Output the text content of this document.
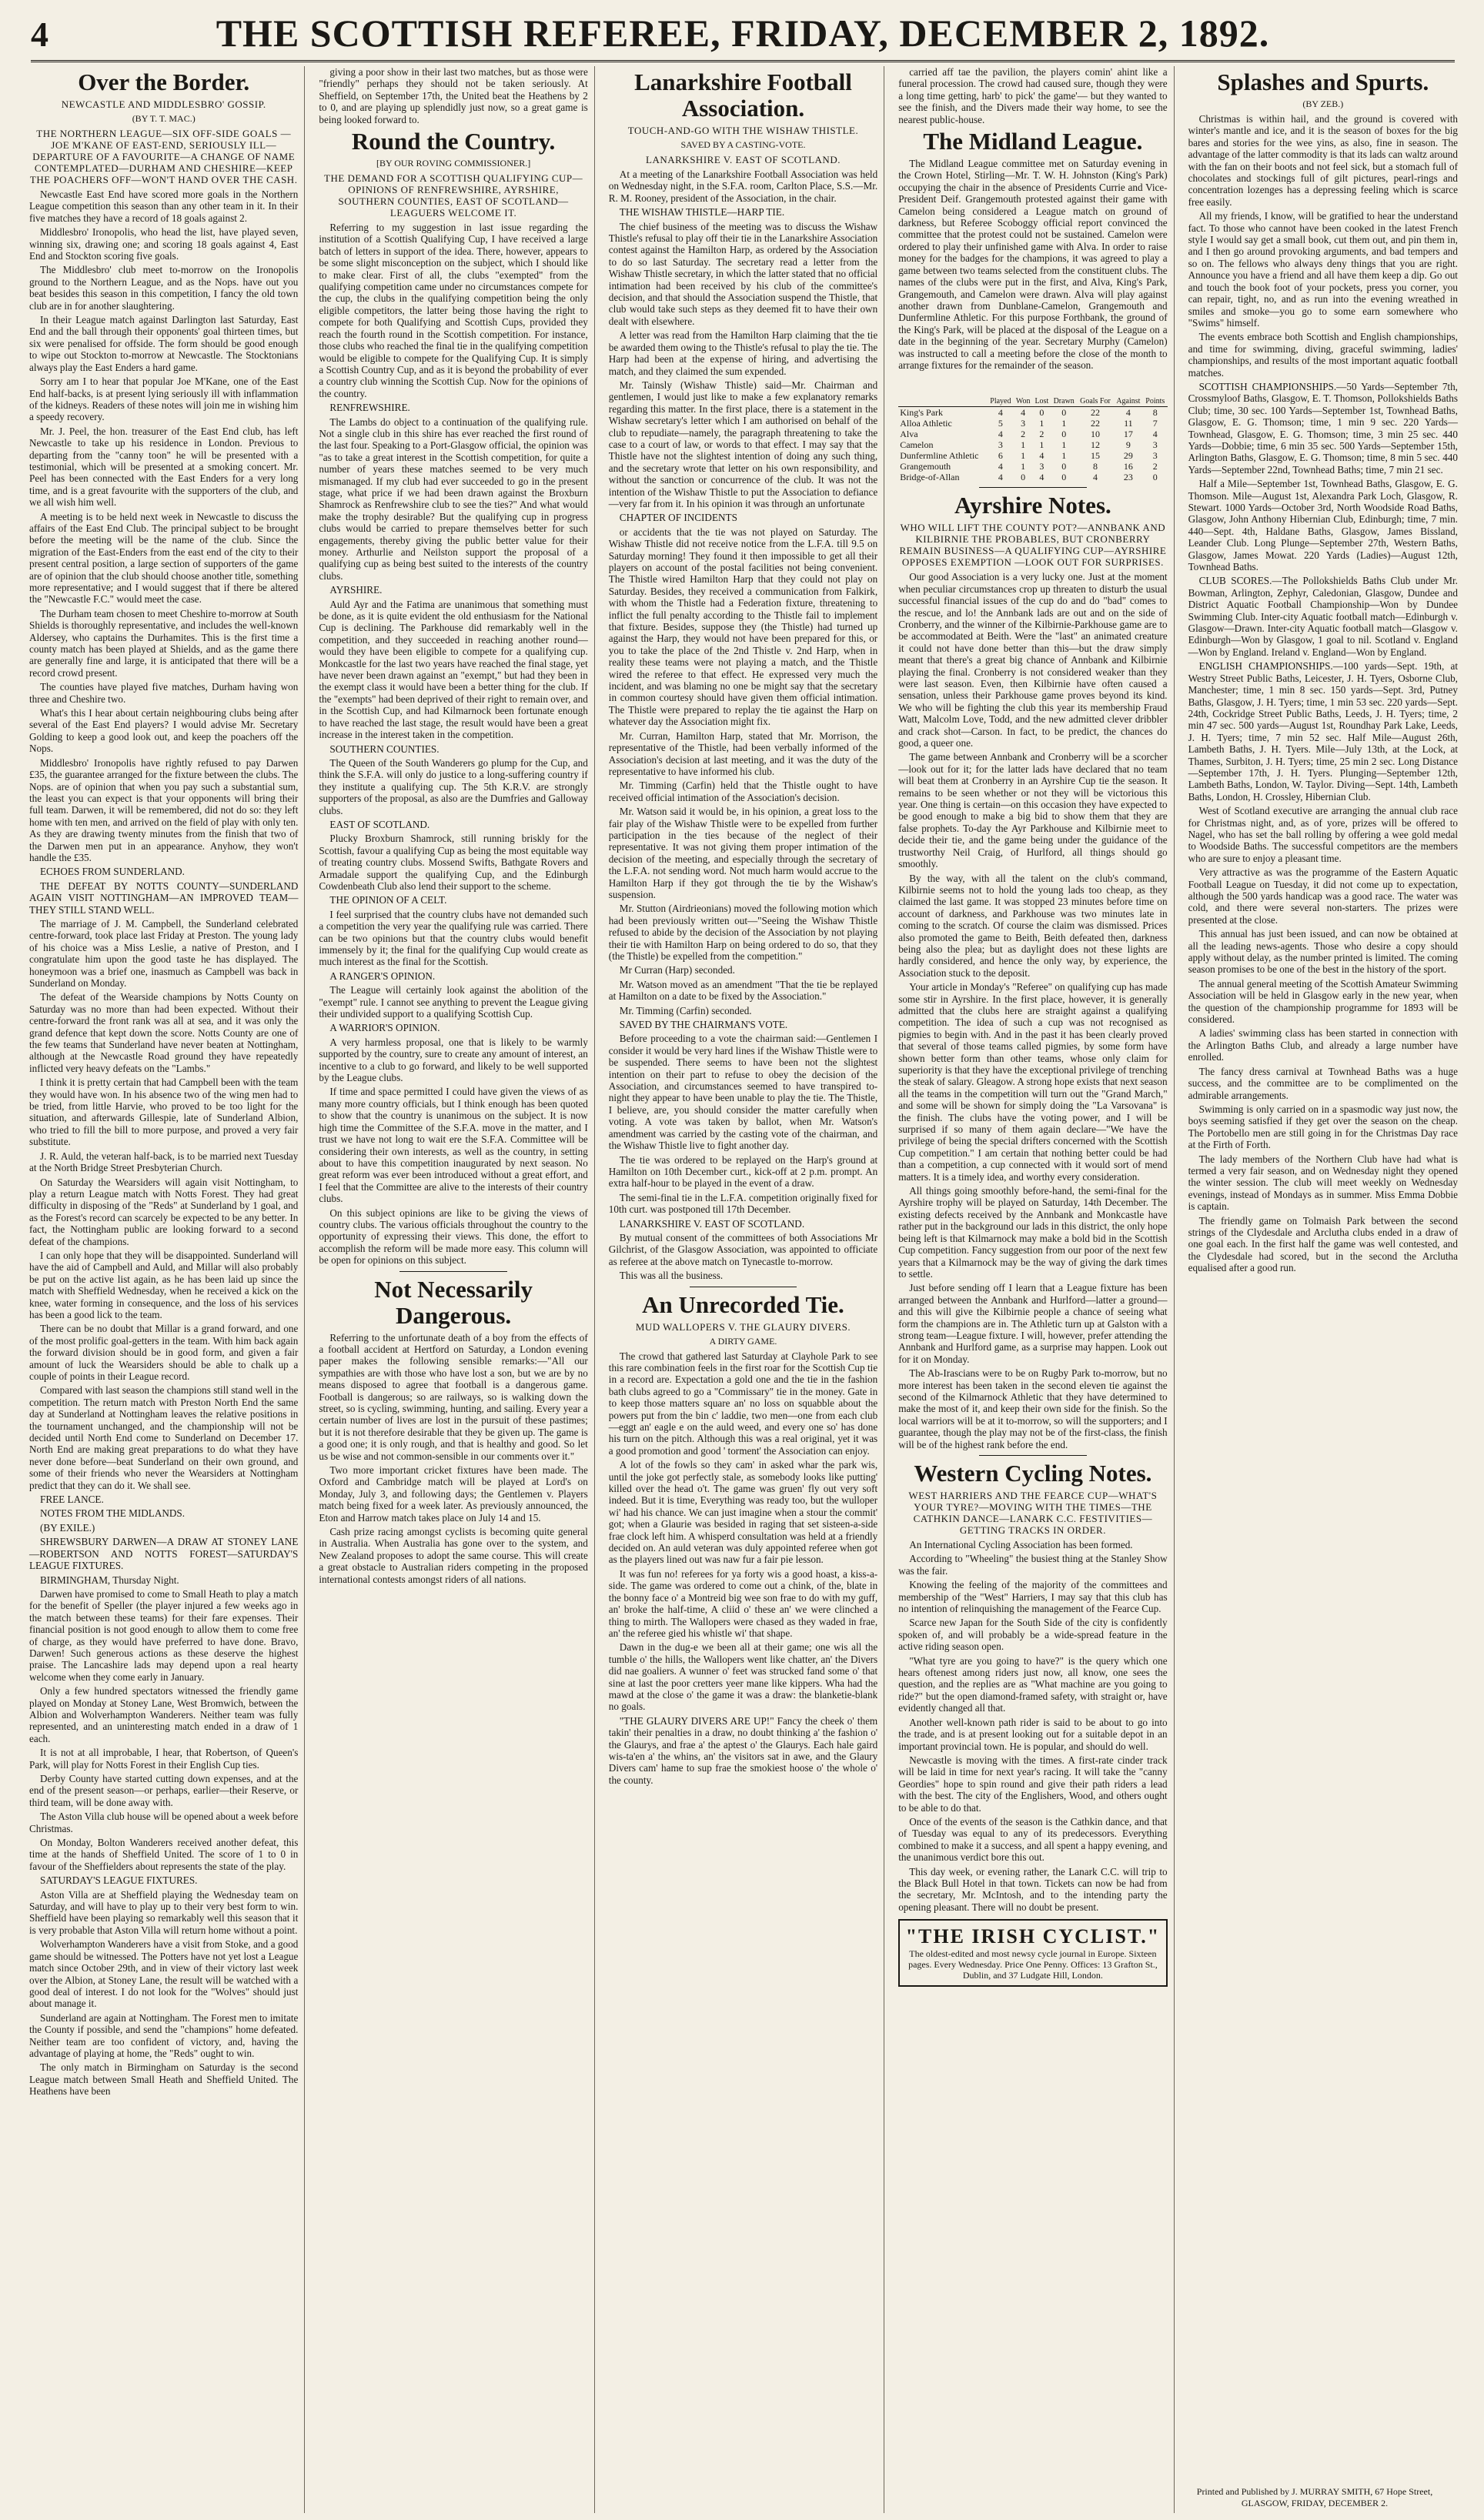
4	THE SCOTTISH REFEREE, FRIDAY, DECEMBER 2, 1892.
Over the Border.
NEWCASTLE AND MIDDLESBRO' GOSSIP.
(BY T. T. MAC.)
THE NORTHERN LEAGUE—SIX OFF-SIDE GOALS —JOE M'KANE OF EAST-END, SERIOUSLY ILL—DEPARTURE OF A FAVOURITE—A CHANGE OF NAME CONTEMPLATED—DURHAM AND CHESHIRE—KEEP THE POACHERS OFF—WON'T HAND OVER THE CASH.

Newcastle East End have scored more goals in the Northern League competition this season than any other team in it. In their five matches they have a record of 18 goals against 2.

Middlesbro' Ironopolis, who head the list, have played seven, winning six, drawing one; and scoring 18 goals against 4, East End and Stockton scoring five goals.

The Middlesbro' club meet to-morrow on the Ironopolis ground to the Northern League, and as the Nops. have out you beat besides this season in this competition, I fancy the old town club are in for another slaughtering.

In their League match against Darlington last Saturday, East End and the ball through their opponents' goal thirteen times, but six were penalised for offside. The form should be good enough to wipe out Stockton to-morrow at Newcastle. The Stocktonians always play the East Enders a hard game.

Sorry am I to hear that popular Joe M'Kane, one of the East End half-backs, is at present lying seriously ill with inflammation of the kidneys. Readers of these notes will join me in wishing him a speedy recovery.

Mr. J. Peel, the hon. treasurer of the East End club, has left Newcastle to take up his residence in London. Previous to departing from the "canny toon" he will be presented with a testimonial, which will be presented at a smoking concert. Mr. Peel has been connected with the East Enders for a very long time, and is a great favourite with the supporters of the club, and we all wish him well.

A meeting is to be held next week in Newcastle to discuss the affairs of the East End Club. The principal subject to be brought before the meeting will be the name of the club. Since the migration of the East-Enders from the east end of the city to their present central position, a large section of supporters of the game are of opinion that the club should choose another title, something more representative; and I would suggest that if there be altered the "Newcastle F.C." would meet the case.

The Durham team chosen to meet Cheshire to-morrow at South Shields is thoroughly representative, and includes the well-known Aldersey, who captains the Durhamites. This is the first time a county match has been played at Shields, and as the game there are generally fine and large, it is anticipated that there will be a record crowd present.

The counties have played five matches, Durham having won three and Cheshire two.

What's this I hear about certain neighbouring clubs being after several of the East End players? I would advise Mr. Secretary Golding to keep a good look out, and keep the poachers off the Nops.

Middlesbro' Ironopolis have rightly refused to pay Darwen £35, the guarantee arranged for the fixture between the clubs. The Nops. are of opinion that when you pay such a substantial sum, the least you can expect is that your opponents will bring their full team. Darwen, it will be remembered, did not do so: they left home with ten men, and arrived on the field of play with only ten. As they are drawing twenty minutes from the finish that two of the Darwen men put in an appearance. Anyhow, they won't handle the £35.

ECHOES FROM SUNDERLAND.

THE DEFEAT BY NOTTS COUNTY—SUNDERLAND AGAIN VISIT NOTTINGHAM—AN IMPROVED TEAM—THEY STILL STAND WELL.

The marriage of J. M. Campbell, the Sunderland celebrated centre-forward, took place last Friday at Preston. The young lady of his choice was a Miss Leslie, a native of Preston, and I congratulate him upon the good taste he has displayed. The honeymoon was a brief one, inasmuch as Campbell was back in Sunderland on Monday.

The defeat of the Wearside champions by Notts County on Saturday was no more than had been expected. Without their centre-forward the front rank was all at sea, and it was only the grand defence that kept down the score. Notts County are one of the few teams that Sunderland have never beaten at Nottingham, although at the Newcastle Road ground they have repeatedly inflicted very heavy defeats on the "Lambs."

I think it is pretty certain that had Campbell been with the team they would have won. In his absence two of the wing men had to be tried, from little Harvie, who proved to be too light for the situation, and afterwards Gillespie, late of Sunderland Albion, who tried to fill the bill to more purpose, and proved a very fair substitute.

J. R. Auld, the veteran half-back, is to be married next Tuesday at the North Bridge Street Presbyterian Church.

On Saturday the Wearsiders will again visit Nottingham, to play a return League match with Notts Forest. They had great difficulty in disposing of the "Reds" at Sunderland by 1 goal, and as the Forest's record can scarcely be expected to be any better. In fact, the Nottingham public are looking forward to a second defeat of the champions.

I can only hope that they will be disappointed. Sunderland will have the aid of Campbell and Auld, and Millar will also probably be put on the active list again, as he has been laid up since the match with Sheffield Wednesday, when he received a kick on the knee, water forming in consequence, and the loss of his services has been a good lick to the team.

There can be no doubt that Millar is a grand forward, and one of the most prolific goal-getters in the team. With him back again the forward division should be in good form, and given a fair amount of luck the Wearsiders should be able to chalk up a couple of points in their League record.

Compared with last season the champions still stand well in the competition. The return match with Preston North End the same day at Sunderland at Nottingham leaves the relative positions in the tournament unchanged, and the championship will not be decided until North End come to Sunderland on December 17. North End are making great preparations to do what they have never done before—beat Sunderland on their own ground, and some of their friends who never the Wearsiders at Nottingham predict that they can do it. We shall see.

FREE LANCE.

NOTES FROM THE MIDLANDS.

(BY EXILE.)

SHREWSBURY DARWEN—A DRAW AT STONEY LANE—ROBERTSON AND NOTTS FOREST—SATURDAY'S LEAGUE FIXTURES.

BIRMINGHAM, Thursday Night.

Darwen have promised to come to Small Heath to play a match for the benefit of Speller (the player injured a few weeks ago in the match between these teams) for their fare expenses. Their financial position is not good enough to allow them to come free of charge, as they would have preferred to have done. Bravo, Darwen! Such generous actions as these deserve the highest praise. The Lancashire lads may depend upon a real hearty welcome when they come early in January.

Only a few hundred spectators witnessed the friendly game played on Monday at Stoney Lane, West Bromwich, between the Albion and Wolverhampton Wanderers. Neither team was fully represented, and an uninteresting match ended in a draw of 1 each.

It is not at all improbable, I hear, that Robertson, of Queen's Park, will play for Notts Forest in their English Cup ties.

Derby County have started cutting down expenses, and at the end of the present season—or perhaps, earlier—their Reserve, or third team, will be done away with.

The Aston Villa club house will be opened about a week before Christmas.

On Monday, Bolton Wanderers received another defeat, this time at the hands of Sheffield United. The score of 1 to 0 in favour of the Sheffielders about represents the state of the play.

SATURDAY'S LEAGUE FIXTURES.

Aston Villa are at Sheffield playing the Wednesday team on Saturday, and will have to play up to their very best form to win. Sheffield have been playing so remarkably well this season that it is very probable that Aston Villa will return home without a point.

Wolverhampton Wanderers have a visit from Stoke, and a good game should be witnessed. The Potters have not yet lost a League match since October 29th, and in view of their victory last week over the Albion, at Stoney Lane, the result will be watched with a good deal of interest. I do not look for the "Wolves" should just about manage it.

Sunderland are again at Nottingham. The Forest men to imitate the County if possible, and send the "champions" home defeated. Neither team are too confident of victory, and, having the advantage of playing at home, the "Reds" ought to win.

The only match in Birmingham on Saturday is the second League match between Small Heath and Sheffield United. The Heathens have been

giving a poor show in their last two matches, but as those were "friendly" perhaps they should not be taken seriously. At Sheffield, on September 17th, the United beat the Heathens by 2 to 0, and are playing up splendidly just now, so a great game is being looked forward to.

Round the Country.
[BY OUR ROVING COMMISSIONER.]
THE DEMAND FOR A SCOTTISH QUALIFYING CUP—OPINIONS OF RENFREWSHIRE, AYRSHIRE, SOUTHERN COUNTIES, EAST OF SCOTLAND—LEAGUERS WELCOME IT.

Referring to my suggestion in last issue regarding the institution of a Scottish Qualifying Cup, I have received a large batch of letters in support of the idea. There, however, appears to be some slight misconception on the subject, which I should like to make clear. First of all, the clubs "exempted" from the qualifying competition came under no circumstances compete for the cup, the clubs in the qualifying competition being the only eligible competitors, the latter being those having the right to compete for both Qualifying and Scottish Cups, provided they reach the fourth round in the Scottish competition. For instance, those clubs who reached the final tie in the qualifying competition would be eligible to compete for the Qualifying Cup. It is simply a Scottish Country Cup, and as it is beyond the probability of ever a country club winning the Scottish Cup. Now for the opinions of the country.

RENFREWSHIRE.

The Lambs do object to a continuation of the qualifying rule. Not a single club in this shire has ever reached the first round of the last four. Speaking to a Port-Glasgow official, the opinion was "as to take a great interest in the Scottish competition, for quite a number of years these matches seemed to be very much mismanaged. If my club had ever succeeded to go in the present stage, what price if we had been drawn against the Broxburn Shamrock as Renfrewshire club to see the ties?" And what would make the trophy desirable? But the qualifying cup in progress clubs would be carried to prepare themselves better for such engagements, thereby giving the public better value for their money. Arthurlie and Neilston support the proposal of a qualifying cup as being best suited to the interests of the country clubs.

AYRSHIRE.

Auld Ayr and the Fatima are unanimous that something must be done, as it is quite evident the old enthusiasm for the National Cup is declining. The Parkhouse did remarkably well in the competition, and they succeeded in reaching another round—would they have been eligible to compete for a qualifying cup. Monkcastle for the last two years have reached the final stage, yet have never been drawn against an "exempt," but had they been in the exempt class it would have been a better thing for the club. If the "exempts" had been deprived of their right to remain over, and in the Scottish Cup, and had Kilmarnock been fortunate enough to have reached the last stage, the result would have been a great increase in the interest taken in the competition.

SOUTHERN COUNTIES.

The Queen of the South Wanderers go plump for the Cup, and think the S.F.A. will only do justice to a long-suffering country if they institute a qualifying cup. The 5th K.R.V. are strongly supporters of the proposal, as also are the Dumfries and Galloway clubs.

EAST OF SCOTLAND.

Plucky Broxburn Shamrock, still running briskly for the Scottish, favour a qualifying Cup as being the most equitable way of treating country clubs. Mossend Swifts, Bathgate Rovers and Armadale support the qualifying Cup, and the Edinburgh Cowdenbeath Club also lend their support to the scheme.

THE OPINION OF A CELT.

I feel surprised that the country clubs have not demanded such a competition the very year the qualifying rule was carried. There can be two opinions but that the country clubs would benefit immensely by it; the final for the qualifying Cup would create as much interest as the final for the Scottish.

A RANGER'S OPINION.

The League will certainly look against the abolition of the "exempt" rule. I cannot see anything to prevent the League giving their undivided support to a qualifying Scottish Cup.

A WARRIOR'S OPINION.

A very harmless proposal, one that is likely to be warmly supported by the country, sure to create any amount of interest, an incentive to a club to go forward, and likely to be well supported by the League clubs.

If time and space permitted I could have given the views of as many more country officials, but I think enough has been quoted to show that the country is unanimous on the subject. It is now high time the Committee of the S.F.A. move in the matter, and I trust we have not long to wait ere the S.F.A. Committee will be considering their own interests, as well as the country, in setting about to have this competition inaugurated by next season. No great reform was ever been introduced without a great effort, and I feel that the Committee are alive to the interests of their country clubs.

On this subject opinions are like to be giving the views of country clubs. The various officials throughout the country to the opportunity of expressing their views. This done, the effort to accomplish the reform will be made more easy. This column will be open for opinions on this subject.

Not Necessarily Dangerous.

Referring to the unfortunate death of a boy from the effects of a football accident at Hertford on Saturday, a London evening paper makes the following sensible remarks:—"All our sympathies are with those who have lost a son, but we are by no means disposed to agree that football is a dangerous game. Football is dangerous; so are railways, so is walking down the street, so is cycling, swimming, hunting, and sailing. Every year a certain number of lives are lost in the pursuit of these pastimes; but it is not therefore desirable that they be given up. The game is a good one; it is only rough, and that is healthy and good. So let us be wise and not common-sensible in our comments over it."

Two more important cricket fixtures have been made. The Oxford and Cambridge match will be played at Lord's on Monday, July 3, and following days; the Gentlemen v. Players match being fixed for a week later. As previously announced, the Eton and Harrow match takes place on July 14 and 15.

Cash prize racing amongst cyclists is becoming quite general in Australia. When Australia has gone over to the system, and New Zealand proposes to adopt the same course. This will create a great obstacle to Australian riders competing in the proposed international contests amongst riders of all nations.

Lanarkshire Football Association.
TOUCH-AND-GO WITH THE WISHAW THISTLE.
SAVED BY A CASTING-VOTE.
LANARKSHIRE V. EAST OF SCOTLAND.

At a meeting of the Lanarkshire Football Association was held on Wednesday night, in the S.F.A. room, Carlton Place, S.S.—Mr. R. M. Rooney, president of the Association, in the chair.

THE WISHAW THISTLE—HARP TIE.

The chief business of the meeting was to discuss the Wishaw Thistle's refusal to play off their tie in the Lanarkshire Association contest against the Hamilton Harp, as ordered by the Association to do so last Saturday. The secretary read a letter from the Wishaw Thistle secretary, in which the latter stated that no official intimation had been received by his club of the committee's decision, and that should the Association suspend the Thistle, that club would take such steps as they deemed fit to have their own dealt with elsewhere.

A letter was read from the Hamilton Harp claiming that the tie be awarded them owing to the Thistle's refusal to play the tie. The Harp had been at the expense of hiring, and advertising the match, and they claimed the sum expended.

Mr. Tainsly (Wishaw Thistle) said—Mr. Chairman and gentlemen, I would just like to make a few explanatory remarks regarding this matter. In the first place, there is a statement in the Wishaw secretary's letter which I am authorised on behalf of the club to repudiate—namely, the paragraph threatening to take the case to a court of law, or words to that effect. I may say that the Thistle have not the slightest intention of doing any such thing, and the secretary wrote that letter on his own responsibility, and without the sanction or concurrence of the club. It was not the intention of the Wishaw Thistle to put the Association to defiance—very far from it. In his opinion it was through an unfortunate

CHAPTER OF INCIDENTS

or accidents that the tie was not played on Saturday. The Wishaw Thistle did not receive notice from the L.F.A. till 9.5 on Saturday morning! They found it then impossible to get all their players on account of the postal facilities not being convenient. The Thistle wired Hamilton Harp that they could not play on Saturday. Besides, they received a communication from Falkirk, with whom the Thistle had a Federation fixture, threatening to inflict the full penalty according to the Thistle fail to implement that fixture. Besides, suppose they (the Thistle) had turned up against the Harp, they would not have been prepared for this, or you to take the place of the 2nd Thistle v. 2nd Harp, when in reality these teams were not playing a match, and the Thistle wired the referee to that effect. He expressed very much the incident, and was blaming no one be might say that the secretary in common courtesy should have given them official intimation. The Thistle were prepared to replay the tie against the Harp on whatever day the Association might fix.

Mr. Curran, Hamilton Harp, stated that Mr. Morrison, the representative of the Thistle, had been verbally informed of the Association's decision at last meeting, and it was the duty of the representative to have informed his club.

Mr. Timming (Carfin) held that the Thistle ought to have received official intimation of the Association's decision.

Mr. Watson said it would be, in his opinion, a great loss to the fair play of the Wishaw Thistle were to be expelled from further participation in the ties because of the neglect of their representative. It was not giving them proper intimation of the decision of the meeting, and especially through the secretary of the L.F.A. not sending word. Not much harm would accrue to the Hamilton Harp if they got through the tie by the Wishaw's suspension.

Mr. Stutton (Airdrieonians) moved the following motion which had been previously written out—"Seeing the Wishaw Thistle refused to abide by the decision of the Association by not playing their tie with Hamilton Harp on being ordered to do so, that they (the Thistle) be expelled from the competition."

Mr Curran (Harp) seconded.

Mr. Watson moved as an amendment "That the tie be replayed at Hamilton on a date to be fixed by the Association."

Mr. Timming (Carfin) seconded.

SAVED BY THE CHAIRMAN'S VOTE.

Before proceeding to a vote the chairman said:—Gentlemen I consider it would be very hard lines if the Wishaw Thistle were to be suspended. There seems to have been not the slightest intention on their part to refuse to obey the decision of the Association, and circumstances seemed to have transpired to-night they appear to have been unable to play the tie. The Thistle, I believe, are, you should consider the matter carefully when voting. A vote was taken by ballot, when Mr. Watson's amendment was carried by the casting vote of the chairman, and the Wishaw Thistle live to fight another day.

The tie was ordered to be replayed on the Harp's ground at Hamilton on 10th December curt., kick-off at 2 p.m. prompt. An extra half-hour to be played in the event of a draw.

The semi-final tie in the L.F.A. competition originally fixed for 10th curt. was postponed till 17th December.

LANARKSHIRE V. EAST OF SCOTLAND.

By mutual consent of the committees of both Associations Mr Gilchrist, of the Glasgow Association, was appointed to officiate as referee at the above match on Tynecastle to-morrow.

This was all the business.

An Unrecorded Tie.
MUD WALLOPERS V. THE GLAURY DIVERS.
A DIRTY GAME.

The crowd that gathered last Saturday at Clayhole Park to see this rare combination feels in the first roar for the Scottish Cup tie in a record are. Expectation a gold one and the tie in the fashion bath clubs agreed to go a "Commissary" tie in the money. Gate in to keep those matters square an' no loss on squabble about the powers put from the bin c' laddie, two men—one from each club—eggt an' eagle e on the auld weed, and every one so' has done his turn on the pitch. Although this was a real original, yet it was a good promotion and good ' torment' the Association can enjoy.

A lot of the fowls so they cam' in asked whar the park wis, until the joke got perfectly stale, as somebody looks like putting' killed over the head o't. The game was gruen' fly out very soft indeed. But it is time, Everything was ready too, but the wulloper wi' had his chance. We can just imagine when a stour the commit' got; when a Glaurie was besided in raging that set sisteen-a-side frae clock left him. A whisperd consultation was held at a friendly decided on. An auld veteran was duly appointed referee when got as the players lined out was naw fur a fair pie lesson.

It was fun no! referees for ya forty wis a good hoast, a kiss-a-side. The game was ordered to come out a chink, of the, blate in the bonny face o' a Montreid big wee son frae to do with my guff, an' broke the half-time, A cliid o' these an' we were clinched a thing to mirth. The Wallopers were chased as they waded in frae, an' the referee gied his whistle wi' that shape.

Dawn in the dug-e we been all at their game; one wis all the tumble o' the hills, the Wallopers went like chatter, an' the Divers did nae goaliers. A wunner o' feet was strucked fand some o' that sine at last the poor cretters yeer mane like kippers. Wha had the mawd at the close o' the game it was a draw: the blanketie-blank no goals.

"THE GLAURY DIVERS ARE UP!" Fancy the cheek o' them takin' their penalties in a draw, no doubt thinking a' the fashion o' the Glaurys, and frae a' the aptest o' the Glaurys. Each hale gaird wis-ta'en a' the whins, an' the visitors sat in awe, and the Glaury Divers cam' hame to sup frae the smokiest hoose o' the whole o' the county.

carried aff tae the pavilion, the players comin' ahint like a funeral procession. The crowd had caused sure, though they were a long time getting, harb' to pick' the game'— but they wanted to see the finish, and the Divers made their way home, to see the nearest public-house.

The Midland League.

The Midland League committee met on Saturday evening in the Crown Hotel, Stirling—Mr. T. W. H. Johnston (King's Park) occupying the chair in the absence of Presidents Currie and Vice-President Deif. Grangemouth protested against their game with Camelon being considered a League match on ground of darkness, but Referee Scoboggy official report convinced the committee that the protest could not be sustained. Camelon were ordered to play their unfinished game with Alva. In order to raise money for the badges for the champions, it was agreed to play a game between two teams selected from the constituent clubs. The names of the clubs were put in the first, and Alva, King's Park, Grangemouth, and Camelon were drawn. Alva will play against another drawn from Dunblane-Camelon, Grangemouth and Dunfermline Athletic. For this purpose Forthbank, the ground of the King's Park, will be placed at the disposal of the League on a date in the beginning of the year. Secretary Murphy (Camelon) was instructed to call a meeting before the close of the month to arrange fixtures for the remainder of the season.

	Played	Won	Lost	Drawn	Goals For	Against	Points
King's Park	4	4	0	0	22	4	8
Alloa Athletic	5	3	1	1	22	11	7
Alva	4	2	2	0	10	17	4
Camelon	3	1	1	1	12	9	3
Dunfermline Athletic	6	1	4	1	15	29	3
Grangemouth	4	1	3	0	8	16	2
Bridge-of-Allan	4	0	4	0	4	23	0
Ayrshire Notes.
WHO WILL LIFT THE COUNTY POT?—ANNBANK AND KILBIRNIE THE PROBABLES, BUT CRONBERRY REMAIN BUSINESS—A QUALIFYING CUP—AYRSHIRE OPPOSES EXEMPTION —LOOK OUT FOR SURPRISES.

Our good Association is a very lucky one. Just at the moment when peculiar circumstances crop up threaten to disturb the usual successful financial issues of the cup do and do "bad" comes to the rescue, and lo! the Annbank lads are out and on the side of Cronberry, and the winner of the Kilbirnie-Parkhouse game are to be accommodated at Beith. Were the "last" an animated creature it could not have done better than this—but the draw simply meant that there's a great big chance of Annbank and Kilbirnie playing the final. Cronberry is not considered weaker than they were last season. Even, then Kilbirnie have often caused a sensation, unless their Parkhouse game proves beyond its kind. We who will be fighting the club this year its membership Fraud Watt, Malcolm Love, Todd, and the new admitted clever dribbler and crack shot—Carson. In fact, to be predict, the chances do good, a queer one.

The game between Annbank and Cronberry will be a scorcher—look out for it; for the latter lads have declared that no team will beat them at Cronberry in an Ayrshire Cup tie the season. It remains to be seen whether or not they will be victorious this year. One thing is certain—on this occasion they have expected to be good enough to make a big bid to show them that they are false prophets. To-day the Ayr Parkhouse and Kilbirnie meet to decide their tie, and the game being under the guidance of the trustworthy Neil Craig, of Hurlford, all things should go smoothly.

By the way, with all the talent on the club's command, Kilbirnie seems not to hold the young lads too cheap, as they claimed the last game. It was stopped 23 minutes before time on account of darkness, and Parkhouse was two minutes late in coming to the scratch. Of course the claim was dismissed. Prices also promoted the game to Beith, Beith defeated then, darkness being also the plea; but as daylight does not these lights are hardly considered, and hence the only way, by experience, the Association stuck to the deposit.

Your article in Monday's "Referee" on qualifying cup has made some stir in Ayrshire. In the first place, however, it is generally admitted that the clubs here are straight against a qualifying competition. The idea of such a cup was not recognised as pigmies to begin with. And in the past it has been clearly proved that several of those teams called pigmies, by some form have shown better form than other teams, whose only claim for superiority is that they have the exceptional privilege of trenching the steak of salary. Gleagow. A strong hope exists that next season all the teams in the competition will turn out the "Grand March," and some will be shown for simply doing the "La Varsovana" is the finish. The clubs have the voting power, and I will be surprised if so many of them again declare—"We have the privilege of being the special drifters concerned with the Scottish Cup competition." I am certain that nothing better could be had than a competition, a cup connected with it would sort of mend matters. It is a timely idea, and worthy every consideration.

All things going smoothly before-hand, the semi-final for the Ayrshire trophy will be played on Saturday, 14th December. The existing defects received by the Annbank and Monkcastle have rather put in the background our lads in this district, the only hope being left is that Kilmarnock may make a bold bid in the Scottish Cup competition. Fancy suggestion from our poor of the next few years that a Kilmarnock may be the way of giving the dark times to settle.

Just before sending off I learn that a League fixture has been arranged between the Annbank and Hurlford—latter a ground—and this will give the Kilbirnie people a chance of seeing what form the champions are in. The Athletic turn up at Galston with a strong team—League fixture. I will, however, prefer attending the Annbank and Hurlford game, as a surprise may happen. Look out for it on Monday.

The Ab-Irascians were to be on Rugby Park to-morrow, but no more interest has been taken in the second eleven tie against the second of the Kilmarnock Athletic that they have determined to make the most of it, and keep their own side for the finish. So the local warriors will be at it to-morrow, so will the supporters; and I guarantee, though the play may not be of the first-class, the finish will be of the highest rank before the end.

Western Cycling Notes.
WEST HARRIERS AND THE FEARCE CUP—WHAT'S YOUR TYRE?—MOVING WITH THE TIMES—THE CATHKIN DANCE—LANARK C.C. FESTIVITIES—GETTING TRACKS IN ORDER.

An International Cycling Association has been formed.

According to "Wheeling" the busiest thing at the Stanley Show was the fair.

Knowing the feeling of the majority of the committees and membership of the "West" Harriers, I may say that this club has no intention of relinquishing the management of the Fearce Cup.

Scarce new Japan for the South Side of the city is confidently spoken of, and will probably be a wide-spread feature in the active riding season open.

"What tyre are you going to have?" is the query which one hears oftenest among riders just now, all know, one sees the question, and the replies are as "What machine are you going to ride?" but the open diamond-framed safety, with straight or, have evidently changed all that.

Another well-known path rider is said to be about to go into the trade, and is at present looking out for a suitable depot in an important provincial town. He is popular, and should do well.

Newcastle is moving with the times. A first-rate cinder track will be laid in time for next year's racing. It will take the "canny Geordies" hope to spin round and give their path riders a lead with the best. The city of the Englishers, Wood, and others ought to be able to do that.

Once of the events of the season is the Cathkin dance, and that of Tuesday was equal to any of its predecessors. Everything combined to make it a success, and all spent a happy evening, and the unanimous verdict bore this out.

This day week, or evening rather, the Lanark C.C. will trip to the Black Bull Hotel in that town. Tickets can now be had from the secretary, Mr. McIntosh, and to the intending party the opening pleasant. There will no doubt be present.

"THE IRISH CYCLIST."
The oldest-edited and most newsy cycle journal in Europe. Sixteen pages. Every Wednesday. Price One Penny. Offices: 13 Grafton St., Dublin, and 37 Ludgate Hill, London.
Splashes and Spurts.
(BY ZEB.)

Christmas is within hail, and the ground is covered with winter's mantle and ice, and it is the season of boxes for the big bares and stories for the wee yins, as also, fine in season. The advantage of the latter commodity is that its lads can waltz around with the fan on their boots and not feel sick, but a stomach full of chocolates and stockings full of gilt pictures, pearl-rings and concentration lozenges has a depressing feeling which is scarce free easily.

All my friends, I know, will be gratified to hear the understand fact. To those who cannot have been cooked in the latest French style I would say get a small book, cut them out, and pin them in, and I then go around provoking arguments, and bad tempers and so on. The fellows who always deny things that you are right. Announce you have a friend and all have them keep a dip. Go out and touch the book foot of your pockets, press you corner, you can repair, tight, no, and as run into the evening wreathed in smiles and smoke—you go to some earn somewhere who "Swims" himself.

The events embrace both Scottish and English championships, and time for swimming, diving, graceful swimming, ladies' championships, and results of the most important aquatic football matches.

SCOTTISH CHAMPIONSHIPS.—50 Yards—September 7th, Crossmyloof Baths, Glasgow, E. T. Thomson, Pollokshields Baths Club; time, 30 sec. 100 Yards—September 1st, Townhead Baths, Glasgow, E. G. Thomson; time, 1 min 9 sec. 220 Yards—Townhead, Glasgow, E. G. Thomson; time, 3 min 25 sec. 440 Yards—Dobbie; time, 6 min 35 sec. 500 Yards—September 15th, Arlington Baths, Glasgow, E. G. Thomson; time, 8 min 5 sec. 440 Yards—September 22nd, Townhead Baths; time, 7 min 21 sec.

Half a Mile—September 1st, Townhead Baths, Glasgow, E. G. Thomson. Mile—August 1st, Alexandra Park Loch, Glasgow, R. Stewart. 1000 Yards—October 3rd, North Woodside Road Baths, Glasgow, John Anthony Hibernian Club, Edinburgh; time, 7 min. 440—Sept. 4th, Haldane Baths, Glasgow, James Bissland, Leander Club. Long Plunge—September 27th, Western Baths, Glasgow, James Mowat. 220 Yards (Ladies)—August 12th, Townhead Baths.

CLUB SCORES.—The Pollokshields Baths Club under Mr. Bowman, Arlington, Zephyr, Caledonian, Glasgow, Dundee and District Aquatic Football Championship—Won by Dundee Swimming Club. Inter-city Aquatic football match—Edinburgh v. Glasgow—Drawn. Inter-city Aquatic football match—Glasgow v. Edinburgh—Won by Glasgow, 1 goal to nil. Scotland v. England—Won by England. Ireland v. England—Won by England.

ENGLISH CHAMPIONSHIPS.—100 yards—Sept. 19th, at Westry Street Public Baths, Leicester, J. H. Tyers, Osborne Club, Manchester; time, 1 min 8 sec. 150 yards—Sept. 3rd, Putney Baths, Glasgow, J. H. Tyers; time, 1 min 53 sec. 220 yards—Sept. 24th, Cockridge Street Public Baths, Leeds, J. H. Tyers; time, 2 min 47 sec. 500 yards—August 1st, Roundhay Park Lake, Leeds, J. H. Tyers; time, 7 min 52 sec. Half Mile—August 26th, Lambeth Baths, J. H. Tyers. Mile—July 13th, at the Lock, at Thames, Surbiton, J. H. Tyers; time, 25 min 2 sec. Long Distance—September 17th, J. H. Tyers. Plunging—September 12th, Lambeth Baths, London, W. Taylor. Diving—Sept. 14th, Lambeth Baths, London, H. Crossley, Hibernian Club.

West of Scotland executive are arranging the annual club race for Christmas night, and, as of yore, prizes will be offered to Nagel, who has set the ball rolling by offering a wee gold medal to Woodside Baths. The successful competitors are the members who are sure to enjoy a pleasant time.

Very attractive as was the programme of the Eastern Aquatic Football League on Tuesday, it did not come up to expectation, although the 500 yards handicap was a good race. The water was cold, and there were several non-starters. The prizes were presented at the close.

This annual has just been issued, and can now be obtained at all the leading news-agents. Those who desire a copy should apply without delay, as the number printed is limited. The coming season promises to be one of the best in the history of the sport.

The annual general meeting of the Scottish Amateur Swimming Association will be held in Glasgow early in the new year, when the question of the championship programme for 1893 will be considered.

A ladies' swimming class has been started in connection with the Arlington Baths Club, and already a large number have enrolled.

The fancy dress carnival at Townhead Baths was a huge success, and the committee are to be complimented on the admirable arrangements.

Swimming is only carried on in a spasmodic way just now, the boys seeming satisfied if they get over the season on the cheap. The Portobello men are still going in for the Christmas Day race at the Firth of Forth.

The lady members of the Northern Club have had what is termed a very fair season, and on Wednesday night they opened the winter session. The club will meet weekly on Wednesday evenings, instead of Mondays as in summer. Miss Emma Dobbie is captain.

The friendly game on Tolmaish Park between the second strings of the Clydesdale and Arclutha clubs ended in a draw of one goal each. In the first half the game was well contested, and the Clydesdale had scored, but in the second the Arclutha equalised after a good run.

Printed and Published by J. MURRAY SMITH, 67 Hope Street, GLASGOW, FRIDAY, DECEMBER 2.
